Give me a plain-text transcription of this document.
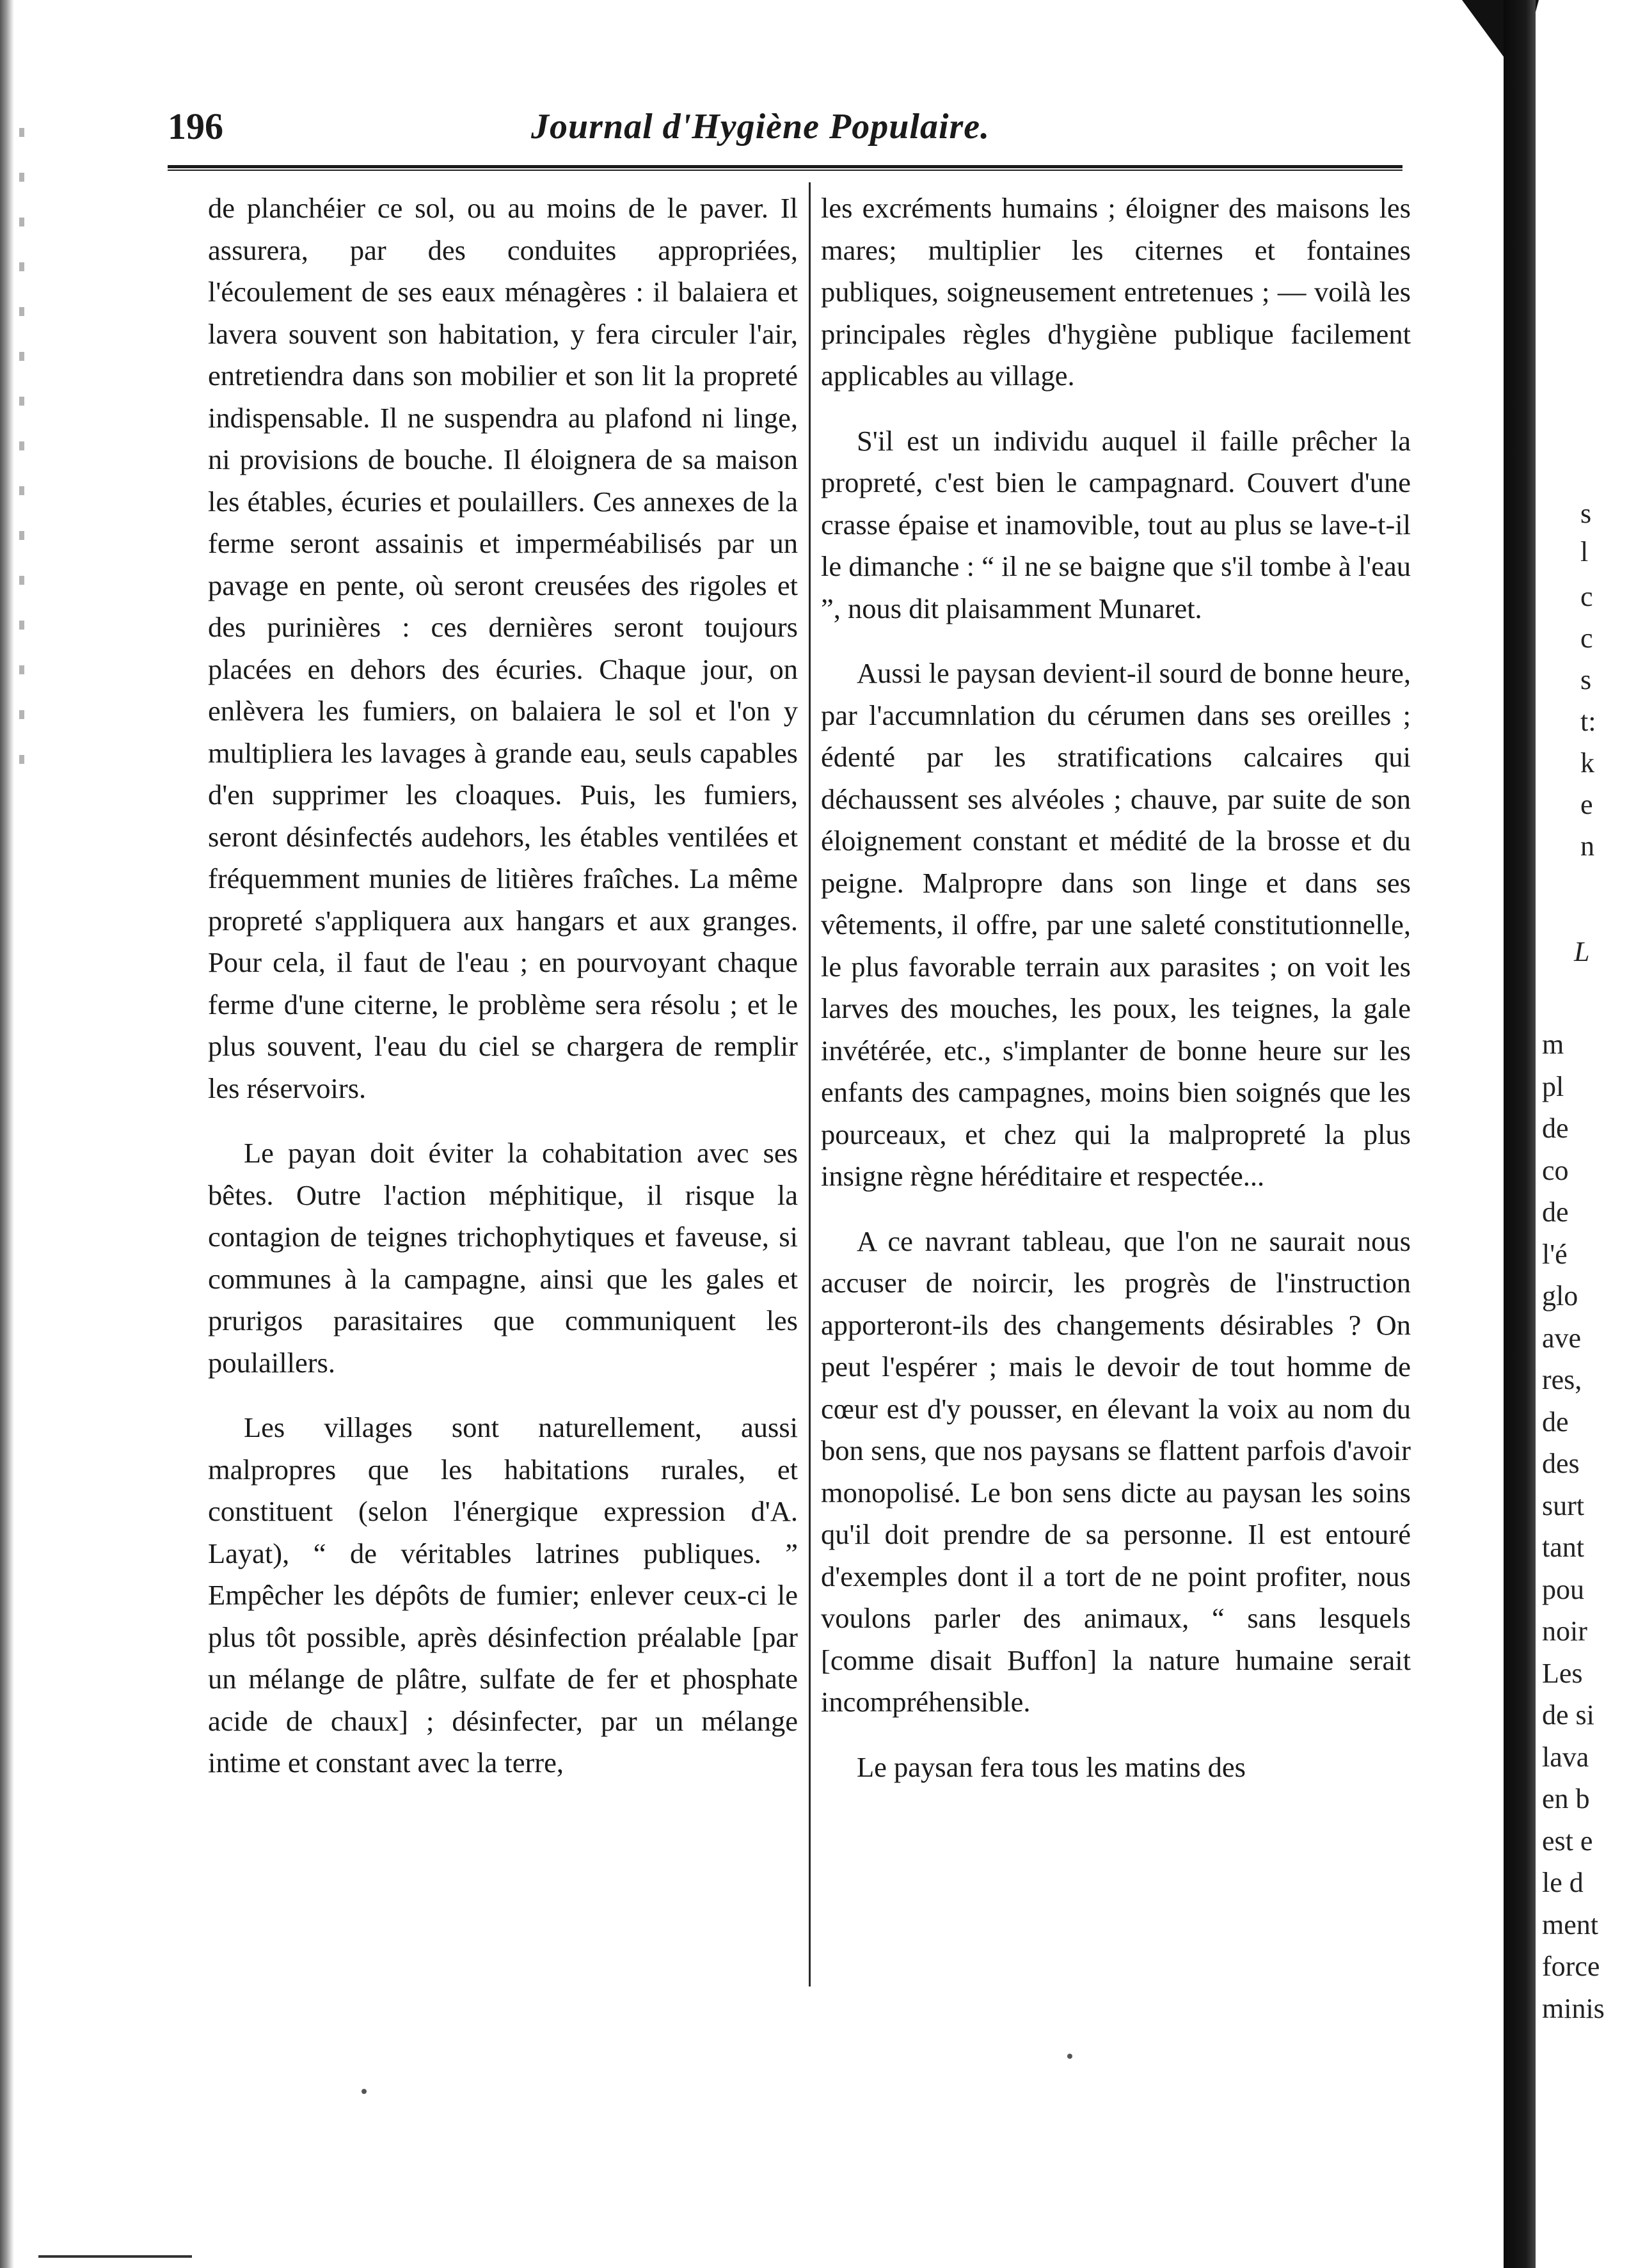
196	Journal d'Hygiène Populaire.

de planchéier ce sol, ou au moins de le paver. Il assurera, par des conduites appropriées, l'écoulement de ses eaux ménagères : il balaiera et lavera souvent son habitation, y fera circuler l'air, entretiendra dans son mobilier et son lit la propreté indispensable. Il ne suspendra au plafond ni linge, ni provisions de bouche. Il éloignera de sa maison les étables, écuries et poulaillers. Ces annexes de la ferme seront assainis et imperméabilisés par un pavage en pente, où seront creusées des rigoles et des purinières : ces dernières seront toujours placées en dehors des écuries. Chaque jour, on enlèvera les fumiers, on balaiera le sol et l'on y multipliera les lavages à grande eau, seuls capables d'en supprimer les cloaques. Puis, les fumiers, seront désinfectés audehors, les étables ventilées et fréquemment munies de litières fraîches. La même propreté s'appliquera aux hangars et aux granges. Pour cela, il faut de l'eau ; en pourvoyant chaque ferme d'une citerne, le problème sera résolu ; et le plus souvent, l'eau du ciel se chargera de remplir les réservoirs.

Le payan doit éviter la cohabitation avec ses bêtes. Outre l'action méphitique, il risque la contagion de teignes trichophytiques et faveuse, si communes à la campagne, ainsi que les gales et prurigos parasitaires que communiquent les poulaillers.

Les villages sont naturellement, aussi malpropres que les habitations rurales, et constituent (selon l'énergique expression d'A. Layat), “ de véritables latrines publiques. ” Empêcher les dépôts de fumier; enlever ceux-ci le plus tôt possible, après désinfection préalable [par un mélange de plâtre, sulfate de fer et phosphate acide de chaux] ; désinfecter, par un mélange intime et constant avec la terre,

les excréments humains ; éloigner des maisons les mares; multiplier les citernes et fontaines publiques, soigneusement entretenues ; — voilà les principales règles d'hygiène publique facilement applicables au village.

S'il est un individu auquel il faille prêcher la propreté, c'est bien le campagnard. Couvert d'une crasse épaise et inamovible, tout au plus se lave-t-il le dimanche : “ il ne se baigne que s'il tombe à l'eau ”, nous dit plaisamment Munaret.

Aussi le paysan devient-il sourd de bonne heure, par l'accumnlation du cérumen dans ses oreilles ; édenté par les stratifications calcaires qui déchaussent ses alvéoles ; chauve, par suite de son éloignement constant et médité de la brosse et du peigne. Malpropre dans son linge et dans ses vêtements, il offre, par une saleté constitutionnelle, le plus favorable terrain aux parasites ; on voit les larves des mouches, les poux, les teignes, la gale invétérée, etc., s'implanter de bonne heure sur les enfants des campagnes, moins bien soignés que les pourceaux, et chez qui la malpropreté la plus insigne règne héréditaire et respectée...

A ce navrant tableau, que l'on ne saurait nous accuser de noircir, les progrès de l'instruction apporteront-ils des changements désirables ? On peut l'espérer ; mais le devoir de tout homme de cœur est d'y pousser, en élevant la voix au nom du bon sens, que nos paysans se flattent parfois d'avoir monopolisé. Le bon sens dicte au paysan les soins qu'il doit prendre de sa personne. Il est entouré d'exemples dont il a tort de ne point profiter, nous voulons parler des animaux, “ sans lesquels [comme disait Buffon] la nature humaine serait incompréhensible.

Le paysan fera tous les matins des

s
l
c
c
s
t:
k
e
n
L
m
pl
de
co
de
l'é
glo
ave
res,
de
des
surt
tant
pou
noir
Les
de si
lava
en b
est e
le d
ment
force
minis
